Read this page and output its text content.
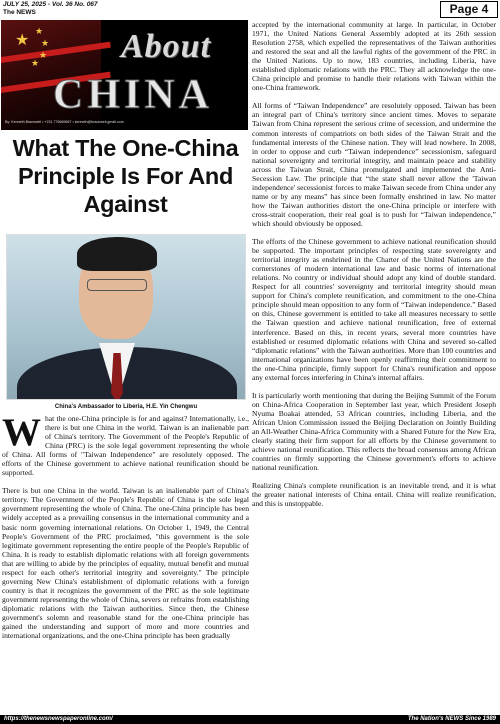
JULY 25, 2025 - Vol. 36 No. 067
The NEWS	Page 4
★
★
★
★
★ About
CHINA
By: Kenneth Bracewell • +231 776669667 • kenneth@bracewell.gmail.com
What The One-China Principle Is For And Against
China's Ambassador to Liberia, H.E. Yin Chengwu

What the one-China principle is for and against? Internationally, i.e., there is but one China in the world. Taiwan is an inalienable part of China's territory. The Government of the People's Republic of China (PRC) is the sole legal government representing the whole of China. All forms of "Taiwan Independence" are resolutely opposed. The efforts of the Chinese government to achieve national reunification should be supported.

There is but one China in the world. Taiwan is an inalienable part of China's territory. The Government of the People's Republic of China is the sole legal government representing the whole of China. The one-China principle has been widely accepted as a prevailing consensus in the international community and a basic norm governing international relations. On October 1, 1949, the Central People's Government of the PRC proclaimed, "this government is the sole legitimate government representing the entire people of the People's Republic of China. It is ready to establish diplomatic relations with all foreign governments that are willing to abide by the principles of equality, mutual benefit and mutual respect for each other's territorial integrity and sovereignty." The principle governing New China's establishment of diplomatic relations with a foreign country is that it recognizes the government of the PRC as the sole legitimate government representing the whole of China, severs or refrains from establishing diplomatic relations with the Taiwan authorities. Since then, the Chinese government's solemn and reasonable stand for the one-China principle has gained the understanding and support of more and more countries and international organizations, and the one-China principle has been gradually

accepted by the international community at large. In particular, in October 1971, the United Nations General Assembly adopted at its 26th session Resolution 2758, which expelled the representatives of the Taiwan authorities and restored the seat and all the lawful rights of the government of the PRC in the United Nations. Up to now, 183 countries, including Liberia, have established diplomatic relations with the PRC. They all acknowledge the one-China principle and promise to handle their relations with Taiwan within the one-China framework.

All forms of “Taiwan Independence” are resolutely opposed. Taiwan has been an integral part of China's territory since ancient times. Moves to separate Taiwan from China represent the serious crime of secession, and undermine the common interests of compatriots on both sides of the Taiwan Strait and the fundamental interests of the Chinese nation. They will lead nowhere. In 2008, in order to oppose and curb “Taiwan independence” secessionism, safeguard national sovereignty and territorial integrity, and maintain peace and stability across the Taiwan Strait, China promulgated and implemented the Anti-Secession Law. The principle that “the state shall never allow the 'Taiwan independence' secessionist forces to make Taiwan secede from China under any name or by any means” has since been formally enshrined in law. No matter how the Taiwan authorities distort the one-China principle or interfere with cross-strait cooperation, their real goal is to push for “Taiwan independence,” which should obviously be opposed.

The efforts of the Chinese government to achieve national reunification should be supported. The important principles of respecting state sovereignty and territorial integrity as enshrined in the Charter of the United Nations are the cornerstones of modern international law and basic norms of international relations. No country or individual should adopt any kind of double standard. Respect for all countries' sovereignty and territorial integrity should mean support for China's complete reunification, and commitment to the one-China principle should mean opposition to any form of “Taiwan independence.” Based on this, Chinese government is entitled to take all measures necessary to settle the Taiwan question and achieve national reunification, free of external interference. Based on this, in recent years, several more countries have established or resumed diplomatic relations with China and severed so-called “diplomatic relations” with the Taiwan authorities. More than 100 countries and international organizations have been openly reaffirming their commitment to the one-China principle, firmly support for China's reunification and oppose any external forces interfering in China's internal affairs.

It is particularly worth mentioning that during the Beijing Summit of the Forum on China-Africa Cooperation in September last year, which President Joseph Nyuma Boakai attended, 53 African countries, including Liberia, and the African Union Commission issued the Beijing Declaration on Jointly Building an All-Weather China-Africa Community with a Shared Future for the New Era, clearly stating their firm support for all efforts by the Chinese government to achieve national reunification. This reflects the broad consensus among African countries on firmly supporting the Chinese government's efforts to achieve national reunification.

Realizing China's complete reunification is an inevitable trend, and it is what the greater national interests of China entail. China will realize reunification, and this is unstoppable.

https://thenewsnewspaperonline.com/	The Nation's NEWS Since 1989
